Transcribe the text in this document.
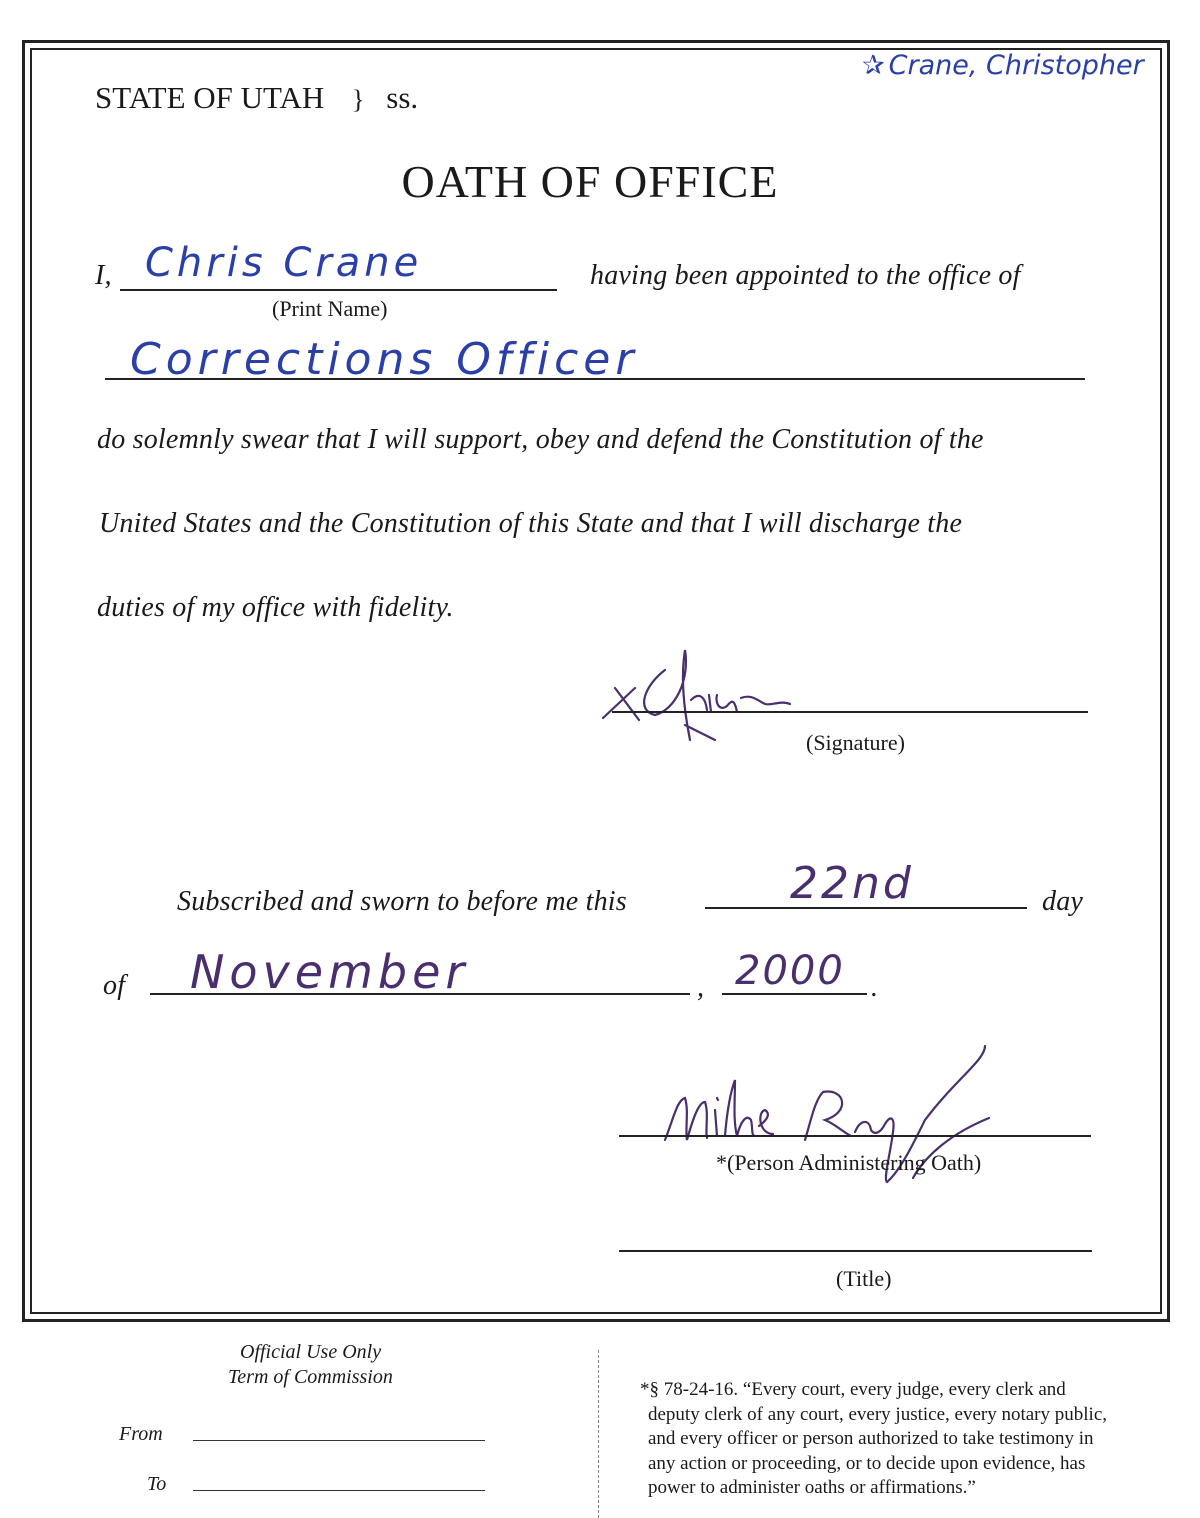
✰ Crane, Christopher
STATE OF UTAH } ss.
OATH OF OFFICE
I, Chris Crane	having been appointed to the office of
(Print Name)
Corrections Officer
do solemnly swear that I will support, obey and defend the Constitution of the
United States and the Constitution of this State and that I will discharge the
duties of my office with fidelity.
(Signature)
Subscribed and sworn to before me this	22nd	day
of November	, 2000 .
*(Person Administering Oath)
(Title)
Official Use Only
Term of Commission
From
To
*§ 78-24-16. “Every court, every judge, every clerk and
deputy clerk of any court, every justice, every notary public,
and every officer or person authorized to take testimony in
any action or proceeding, or to decide upon evidence, has
power to administer oaths or affirmations.”
